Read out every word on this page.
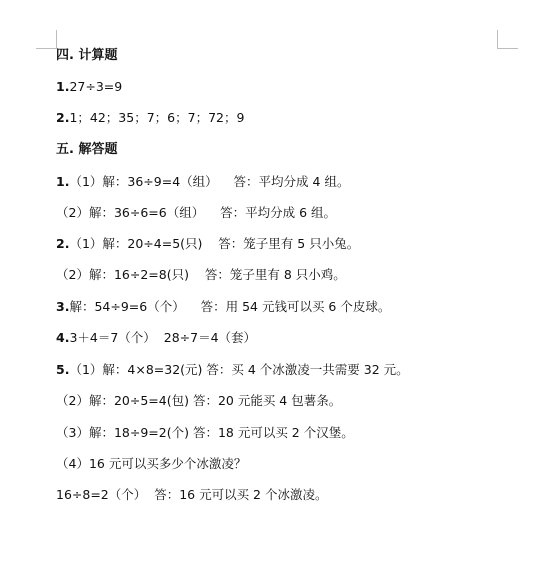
四. 计算题
1.27÷3=9
2.1；42；35；7；6；7；72；9
五. 解答题
1.（1）解：36÷9=4（组）    答：平均分成 4 组。
（2）解：36÷6=6（组）    答：平均分成 6 组。
2.（1）解：20÷4=5(只)    答：笼子里有 5 只小兔。
（2）解：16÷2=8(只)    答：笼子里有 8 只小鸡。
3.解：54÷9=6（个）    答：用 54 元钱可以买 6 个皮球。
4.3＋4＝7（个）  28÷7＝4（套）
5.（1）解：4×8=32(元) 答：买 4 个冰激凌一共需要 32 元。
（2）解：20÷5=4(包) 答：20 元能买 4 包薯条。
（3）解：18÷9=2(个) 答：18 元可以买 2 个汉堡。
（4）16 元可以买多少个冰激凌？
16÷8=2（个）  答：16 元可以买 2 个冰激凌。
